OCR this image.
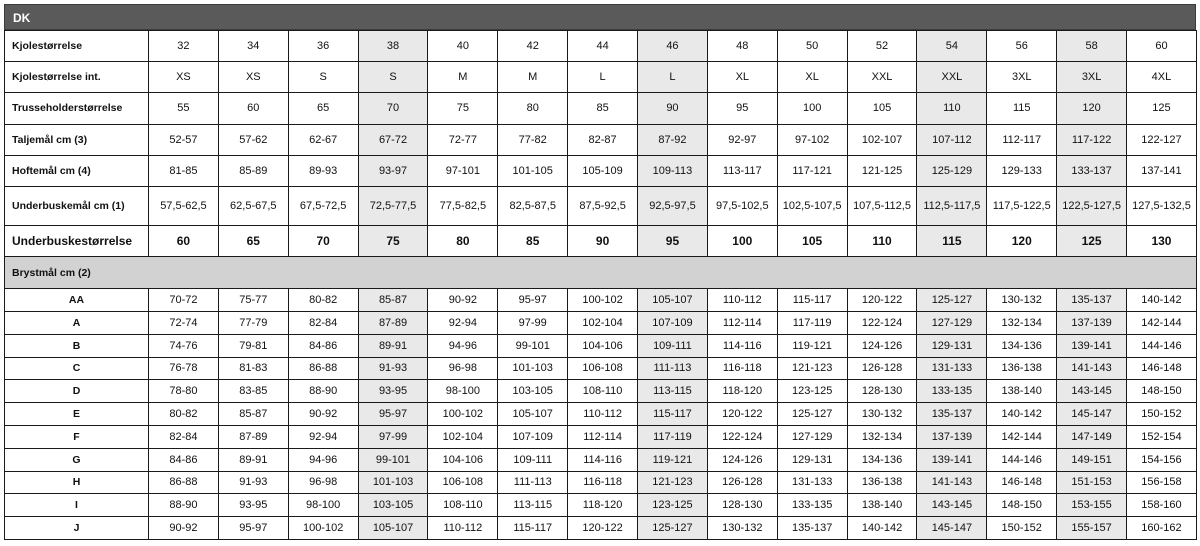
DK
Kjolestørrelse	32	34	36	38	40	42	44	46	48	50	52	54	56	58	60
Kjolestørrelse int.	XS	XS	S	S	M	M	L	L	XL	XL	XXL	XXL	3XL	3XL	4XL
Trusseholderstørrelse	55	60	65	70	75	80	85	90	95	100	105	110	115	120	125
Taljemål cm (3)	52-57	57-62	62-67	67-72	72-77	77-82	82-87	87-92	92-97	97-102	102-107	107-112	112-117	117-122	122-127
Hoftemål cm (4)	81-85	85-89	89-93	93-97	97-101	101-105	105-109	109-113	113-117	117-121	121-125	125-129	129-133	133-137	137-141
Underbuskemål cm (1)	57,5-62,5	62,5-67,5	67,5-72,5	72,5-77,5	77,5-82,5	82,5-87,5	87,5-92,5	92,5-97,5	97,5-102,5	102,5-107,5	107,5-112,5	112,5-117,5	117,5-122,5	122,5-127,5	127,5-132,5
Underbuskestørrelse	60	65	70	75	80	85	90	95	100	105	110	115	120	125	130
Brystmål cm (2)															
AA	70-72	75-77	80-82	85-87	90-92	95-97	100-102	105-107	110-112	115-117	120-122	125-127	130-132	135-137	140-142
A	72-74	77-79	82-84	87-89	92-94	97-99	102-104	107-109	112-114	117-119	122-124	127-129	132-134	137-139	142-144
B	74-76	79-81	84-86	89-91	94-96	99-101	104-106	109-111	114-116	119-121	124-126	129-131	134-136	139-141	144-146
C	76-78	81-83	86-88	91-93	96-98	101-103	106-108	111-113	116-118	121-123	126-128	131-133	136-138	141-143	146-148
D	78-80	83-85	88-90	93-95	98-100	103-105	108-110	113-115	118-120	123-125	128-130	133-135	138-140	143-145	148-150
E	80-82	85-87	90-92	95-97	100-102	105-107	110-112	115-117	120-122	125-127	130-132	135-137	140-142	145-147	150-152
F	82-84	87-89	92-94	97-99	102-104	107-109	112-114	117-119	122-124	127-129	132-134	137-139	142-144	147-149	152-154
G	84-86	89-91	94-96	99-101	104-106	109-111	114-116	119-121	124-126	129-131	134-136	139-141	144-146	149-151	154-156
H	86-88	91-93	96-98	101-103	106-108	111-113	116-118	121-123	126-128	131-133	136-138	141-143	146-148	151-153	156-158
I	88-90	93-95	98-100	103-105	108-110	113-115	118-120	123-125	128-130	133-135	138-140	143-145	148-150	153-155	158-160
J	90-92	95-97	100-102	105-107	110-112	115-117	120-122	125-127	130-132	135-137	140-142	145-147	150-152	155-157	160-162
